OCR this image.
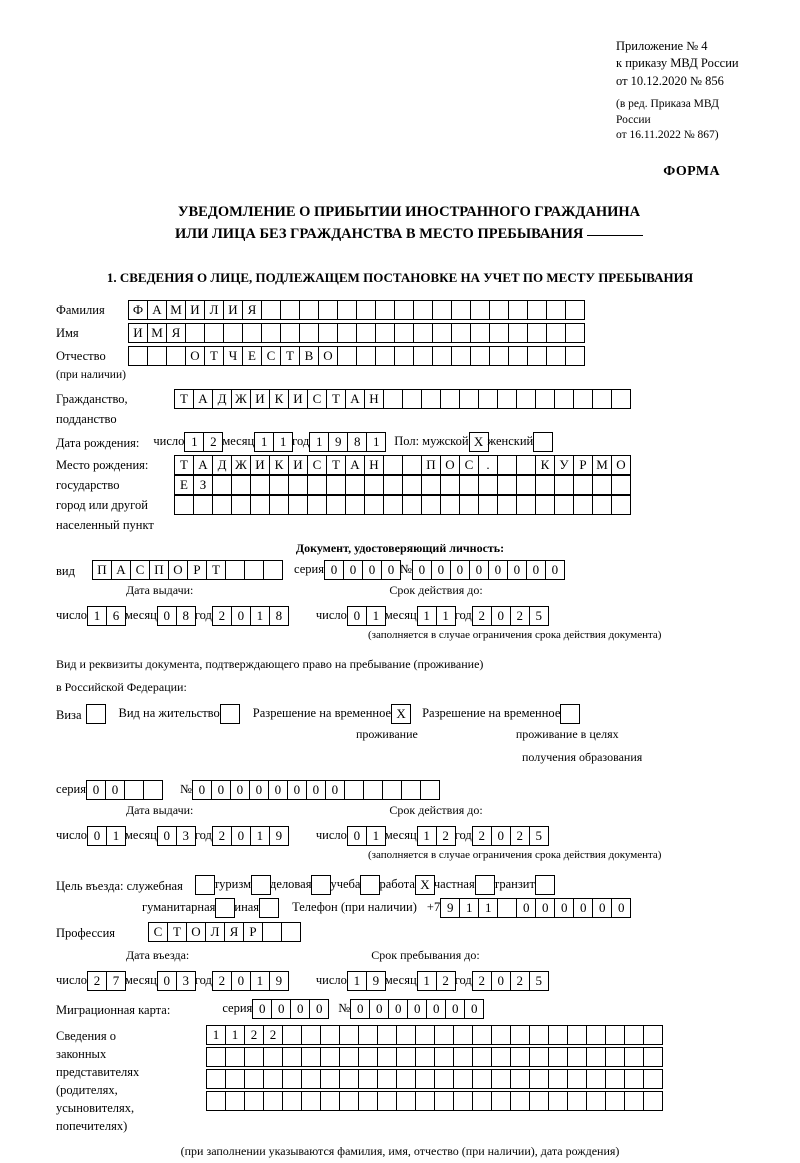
Приложение № 4
к приказу МВД России
от 10.12.2020 № 856
(в ред. Приказа МВД России
от 16.11.2022 № 867)
ФОРМА
УВЕДОМЛЕНИЕ О ПРИБЫТИИ ИНОСТРАННОГО ГРАЖДАНИНА
ИЛИ ЛИЦА БЕЗ ГРАЖДАНСТВА В МЕСТО ПРЕБЫВАНИЯ
1. СВЕДЕНИЯ О ЛИЦЕ, ПОДЛЕЖАЩЕМ ПОСТАНОВКЕ НА УЧЕТ ПО МЕСТУ ПРЕБЫВАНИЯ
Фамилия	Ф А М И Л И Я
Имя	И М Я
Отчество	О Т Ч Е С Т В О
(при наличии)
Гражданство,	Т А Д Ж И К И С Т А Н
подданство
Дата рождения:	число 1 2 месяц 1 1 год 1 9 8 1	Пол: мужской Х женский
Место рождения:	Т А Д Ж И К И С Т А Н	П О С	.	К У Р М О
государство	Е З
город или другой
населенный пункт
Документ, удостоверяющий личность:
вид	П А С П О Р Т	серия 0 0 0 0 № 0 0 0 0 0 0 0 0
Дата выдачи:	Срок действия до:
число 1 6 месяц 0 8 год 2 0 1 8	число 0 1 месяц 1 1 год 2 0 2 5
(заполняется в случае ограничения срока действия документа)
Вид и реквизиты документа, подтверждающего право на пребывание (проживание)
в Российской Федерации:
Виза	Вид на жительство	Разрешение на временное Х	Разрешение на временное
проживание	проживание в целях
получения образования
серия 0 0	№ 0 0 0 0 0 0 0 0
Дата выдачи:	Срок действия до:
число 0 1 месяц 0 3 год 2 0 1 9	число 0 1 месяц 1 2 год 2 0 2 5
(заполняется в случае ограничения срока действия документа)
Цель въезда: служебная туризм деловая учеба работа Х частная транзит
гуманитарная иная	Телефон (при наличии) +7 9 1 1	0 0 0 0 0 0
Профессия	С Т О Л Я Р
Дата въезда:	Срок пребывания до:
число 2 7 месяц 0 3 год 2 0 1 9	число 1 9 месяц 1 2 год 2 0 2 5
Миграционная карта:	серия 0 0 0 0	№ 0 0 0 0 0 0 0
Сведения о
законных
представителях
(родителях,
усыновителях,
попечителях)
1 1 2 2
(при заполнении указываются фамилия, имя, отчество (при наличии), дата рождения)
